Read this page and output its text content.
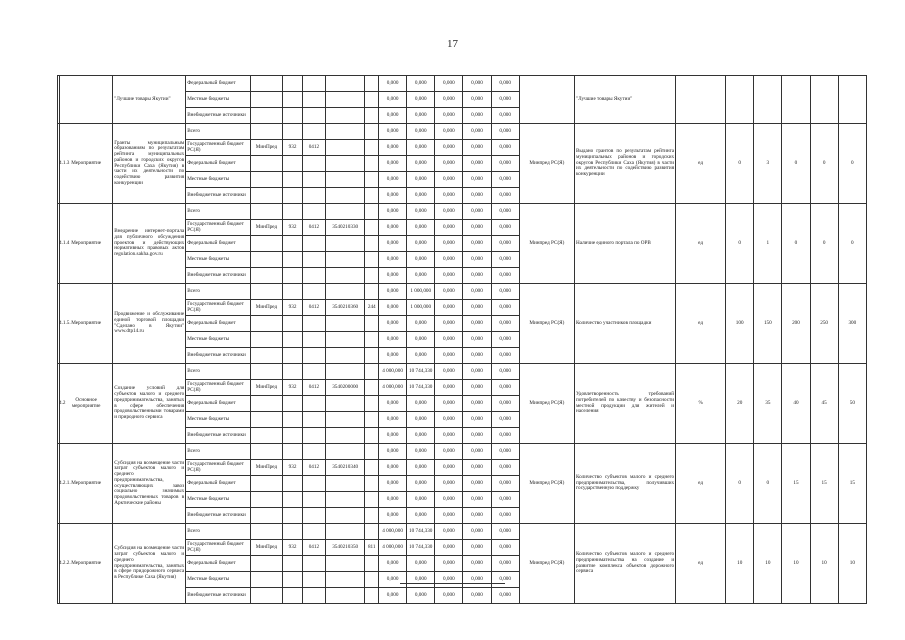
17
		"Лучшие товары Якутии"	Федеральный бюджет						0,000	0,000	0,000	0,000	0,000		"Лучшие товары Якутии"						
			Местные бюджеты						0,000	0,000	0,000	0,000	0,000								
			Внебюджетные источники						0,000	0,000	0,000	0,000	0,000								
4.1.3	Мероприятие	Гранты муниципальным образованиям по результатам рейтинга муниципальных районов и городских округов Республики Саха (Якутия) в части их деятельности по содействию развития конкуренции	Всего						0,000	0,000	0,000	0,000	0,000	Минпред РС(Я)	Выдано грантов по результатам рейтинга муниципальных районов и городских округов Республики Саха (Якутия) в части их деятельности по содействию развития конкуренции	ед	0	3	0	0	0
			Государственный бюджет РС(Я)	МинПред	932	0412			0,000	0,000	0,000	0,000	0,000								
			Федеральный бюджет						0,000	0,000	0,000	0,000	0,000								
			Местные бюджеты						0,000	0,000	0,000	0,000	0,000								
			Внебюджетные источники						0,000	0,000	0,000	0,000	0,000								
4.1.4	Мероприятие	Внедрение интернет-портала для публичного обсуждения проектов и действующих нормативных правовых актов regulation.sakha.gov.ru	Всего						0,000	0,000	0,000	0,000	0,000	Минпред РС(Я)	Наличие единого портала по ОРВ	ед	0	1	0	0	0
			Государственный бюджет РС(Я)	МинПред	932	0412	3540210330		0,000	0,000	0,000	0,000	0,000								
			Федеральный бюджет						0,000	0,000	0,000	0,000	0,000								
			Местные бюджеты						0,000	0,000	0,000	0,000	0,000								
			Внебюджетные источники						0,000	0,000	0,000	0,000	0,000								
4.1.5.	Мероприятие	Продвижение и обслуживание единой торговой площадки "Сделано в Якутии" www.dtp14.ru	Всего						0,000	1 000,000	0,000	0,000	0,000	Минпред РС(Я)	Количество участников площадки	ед	100	150	200	250	300
			Государственный бюджет РС(Я)	МинПред	932	0412	3540210360	244	0,000	1 000,000	0,000	0,000	0,000								
			Федеральный бюджет						0,000	0,000	0,000	0,000	0,000								
			Местные бюджеты						0,000	0,000	0,000	0,000	0,000								
			Внебюджетные источники						0,000	0,000	0,000	0,000	0,000								
4.2	Основное мероприятие	Создание условий для субъектов малого и среднего предпринимательства, занятых в сфере обеспечения продовольственными товарами и природного сервиса	Всего						4 000,000	10 744,330	0,000	0,000	0,000	Минпред РС(Я)	Удовлетворенность требований потребителей по качеству и безопасности местной продукции для жителей и населения	%	20	35	40	45	50
			Государственный бюджет РС(Я)	МинПред	932	0412	3540200000		4 000,000	10 744,330	0,000	0,000	0,000								
			Федеральный бюджет						0,000	0,000	0,000	0,000	0,000								
			Местные бюджеты						0,000	0,000	0,000	0,000	0,000								
			Внебюджетные источники						0,000	0,000	0,000	0,000	0,000								
4.2.1.	Мероприятие	Субсидия на возмещение части затрат субъектов малого и среднего предпринимательства, осуществляющих завоз социально значимых продовольственных товаров в Арктические районы	Всего						0,000	0,000	0,000	0,000	0,000	Минпред РС(Я)	Количество субъектов малого и среднего предпринимательства, получивших государственную поддержку	ед	0	0	15	15	15
			Государственный бюджет РС(Я)	МинПред	932	0412	3540210340		0,000	0,000	0,000	0,000	0,000								
			Федеральный бюджет						0,000	0,000	0,000	0,000	0,000								
			Местные бюджеты						0,000	0,000	0,000	0,000	0,000								
			Внебюджетные источники						0,000	0,000	0,000	0,000	0,000								
4.2.2.	Мероприятие	Субсидия на возмещение части затрат субъектов малого и среднего предпринимательства, занятых в сфере придорожного сервиса в Республике Саха (Якутия)	Всего						4 000,000	10 744,330	0,000	0,000	0,000	Минпред РС(Я)	Количество субъектов малого и среднего предпринимательства на создание и развитие комплекса объектов дорожного сервиса	ед	10	10	10	10	10
			Государственный бюджет РС(Я)	МинПред	932	0412	3540210350	811	4 000,000	10 744,330	0,000	0,000	0,000								
			Федеральный бюджет						0,000	0,000	0,000	0,000	0,000								
			Местные бюджеты						0,000	0,000	0,000	0,000	0,000								
			Внебюджетные источники						0,000	0,000	0,000	0,000	0,000								
